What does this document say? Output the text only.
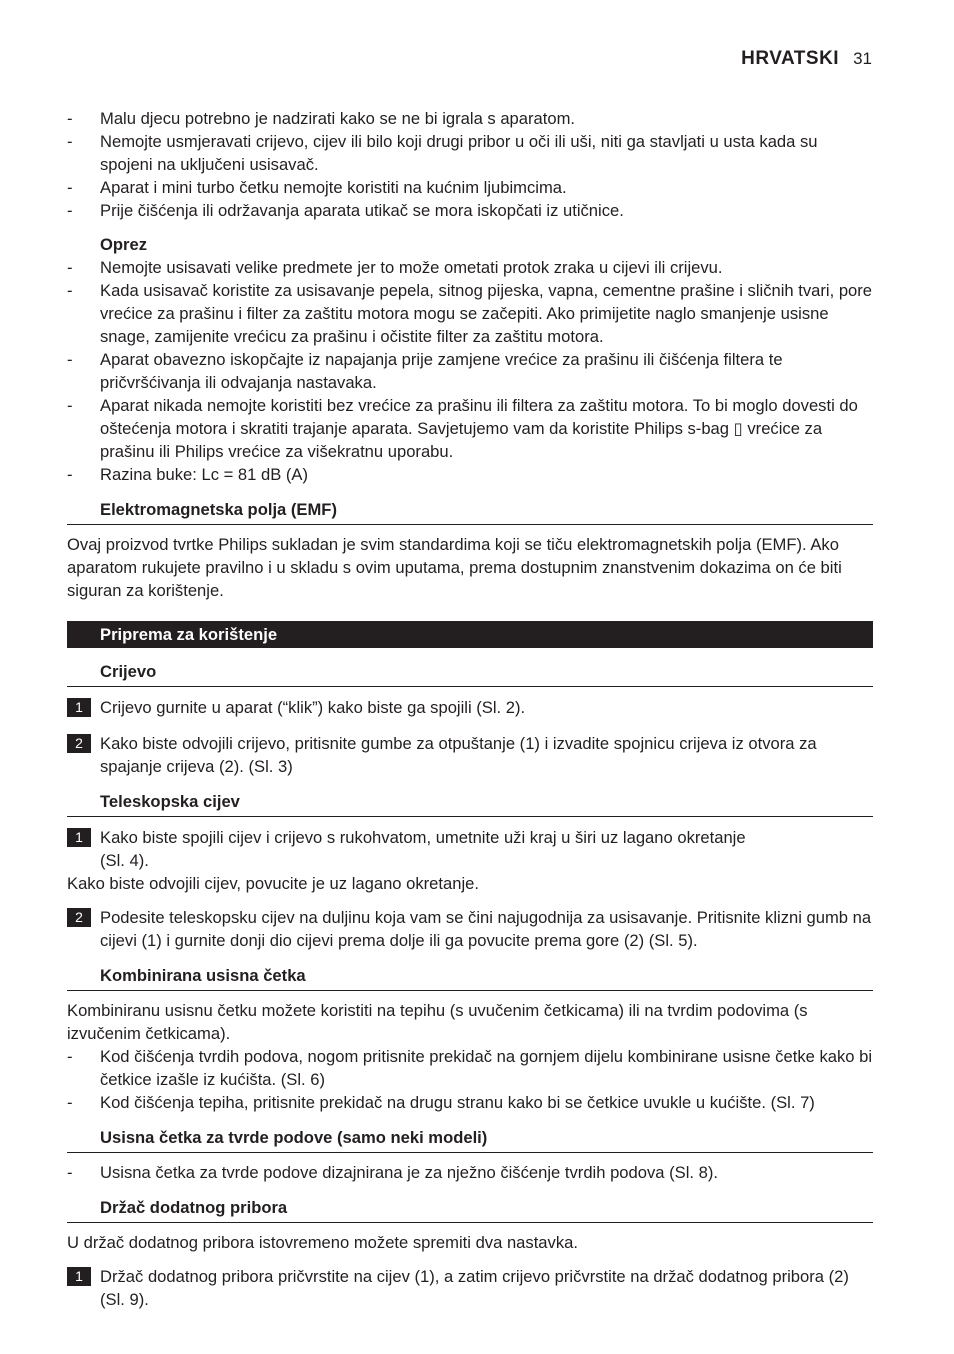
HRVATSKI 31
- Malu djecu potrebno je nadzirati kako se ne bi igrala s aparatom.
- Nemojte usmjeravati crijevo, cijev ili bilo koji drugi pribor u oči ili uši, niti ga stavljati u usta kada su spojeni na uključeni usisavač.
- Aparat i mini turbo četku nemojte koristiti na kućnim ljubimcima.
- Prije čišćenja ili održavanja aparata utikač se mora iskopčati iz utičnice.
Oprez
- Nemojte usisavati velike predmete jer to može ometati protok zraka u cijevi ili crijevu.
- Kada usisavač koristite za usisavanje pepela, sitnog pijeska, vapna, cementne prašine i sličnih tvari, pore vrećice za prašinu i filter za zaštitu motora mogu se začepiti. Ako primijetite naglo smanjenje usisne snage, zamijenite vrećicu za prašinu i očistite filter za zaštitu motora.
- Aparat obavezno iskopčajte iz napajanja prije zamjene vrećice za prašinu ili čišćenja filtera te pričvršćivanja ili odvajanja nastavaka.
- Aparat nikada nemojte koristiti bez vrećice za prašinu ili filtera za zaštitu motora. To bi moglo dovesti do oštećenja motora i skratiti trajanje aparata. Savjetujemo vam da koristite Philips s-bag ▯ vrećice za prašinu ili Philips vrećice za višekratnu uporabu.
- Razina buke: Lc = 81 dB (A)
Elektromagnetska polja (EMF)

Ovaj proizvod tvrtke Philips sukladan je svim standardima koji se tiču elektromagnetskih polja (EMF). Ako aparatom rukujete pravilno i u skladu s ovim uputama, prema dostupnim znanstvenim dokazima on će biti siguran za korištenje.

Priprema za korištenje
Crijevo
1	Crijevo gurnite u aparat (“klik”) kako biste ga spojili (Sl. 2).
2	Kako biste odvojili crijevo, pritisnite gumbe za otpuštanje (1) i izvadite spojnicu crijeva iz otvora za spajanje crijeva (2). (Sl. 3)
Teleskopska cijev
1	Kako biste spojili cijev i crijevo s rukohvatom, umetnite uži kraj u širi uz lagano okretanje (Sl. 4).

Kako biste odvojili cijev, povucite je uz lagano okretanje.

2	Podesite teleskopsku cijev na duljinu koja vam se čini najugodnija za usisavanje. Pritisnite klizni gumb na cijevi (1) i gurnite donji dio cijevi prema dolje ili ga povucite prema gore (2) (Sl. 5).
Kombinirana usisna četka

Kombiniranu usisnu četku možete koristiti na tepihu (s uvučenim četkicama) ili na tvrdim podovima (s izvučenim četkicama).

- Kod čišćenja tvrdih podova, nogom pritisnite prekidač na gornjem dijelu kombinirane usisne četke kako bi četkice izašle iz kućišta. (Sl. 6)
- Kod čišćenja tepiha, pritisnite prekidač na drugu stranu kako bi se četkice uvukle u kućište. (Sl. 7)
Usisna četka za tvrde podove (samo neki modeli)
- Usisna četka za tvrde podove dizajnirana je za nježno čišćenje tvrdih podova (Sl. 8).
Držač dodatnog pribora

U držač dodatnog pribora istovremeno možete spremiti dva nastavka.

1	Držač dodatnog pribora pričvrstite na cijev (1), a zatim crijevo pričvrstite na držač dodatnog pribora (2) (Sl. 9).
